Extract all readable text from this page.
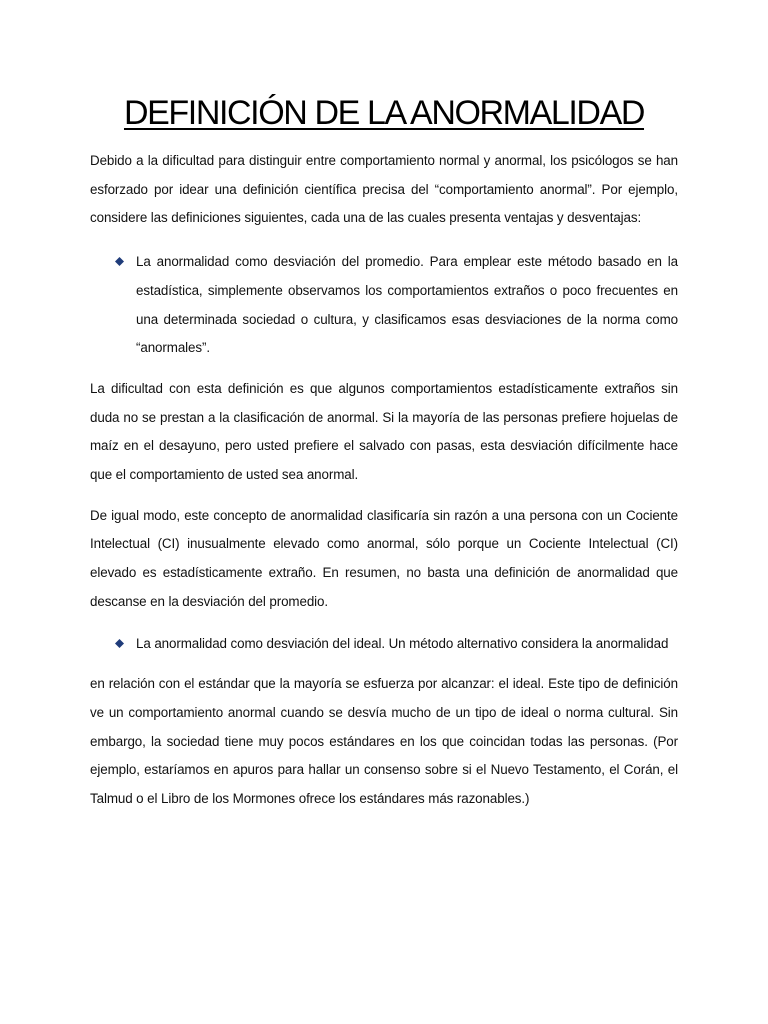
DEFINICIÓN DE LA ANORMALIDAD

Debido a la dificultad para distinguir entre comportamiento normal y anormal, los psicólogos se han esforzado por idear una definición científica precisa del “comportamiento anormal”. Por ejemplo, considere las definiciones siguientes, cada una de las cuales presenta ventajas y desventajas:

La anormalidad como desviación del promedio. Para emplear este método basado en la estadística, simplemente observamos los comportamientos extraños o poco frecuentes en una determinada sociedad o cultura, y clasificamos esas desviaciones de la norma como “anormales”.

La dificultad con esta definición es que algunos comportamientos estadísticamente extraños sin duda no se prestan a la clasificación de anormal. Si la mayoría de las personas prefiere hojuelas de maíz en el desayuno, pero usted prefiere el salvado con pasas, esta desviación difícilmente hace que el comportamiento de usted sea anormal.

De igual modo, este concepto de anormalidad clasificaría sin razón a una persona con un Cociente Intelectual (CI) inusualmente elevado como anormal, sólo porque un Cociente Intelectual (CI) elevado es estadísticamente extraño. En resumen, no basta una definición de anormalidad que descanse en la desviación del promedio.

La anormalidad como desviación del ideal. Un método alternativo considera la anormalidad

en relación con el estándar que la mayoría se esfuerza por alcanzar: el ideal. Este tipo de definición ve un comportamiento anormal cuando se desvía mucho de un tipo de ideal o norma cultural. Sin embargo, la sociedad tiene muy pocos estándares en los que coincidan todas las personas. (Por ejemplo, estaríamos en apuros para hallar un consenso sobre si el Nuevo Testamento, el Corán, el Talmud o el Libro de los Mormones ofrece los estándares más razonables.)
